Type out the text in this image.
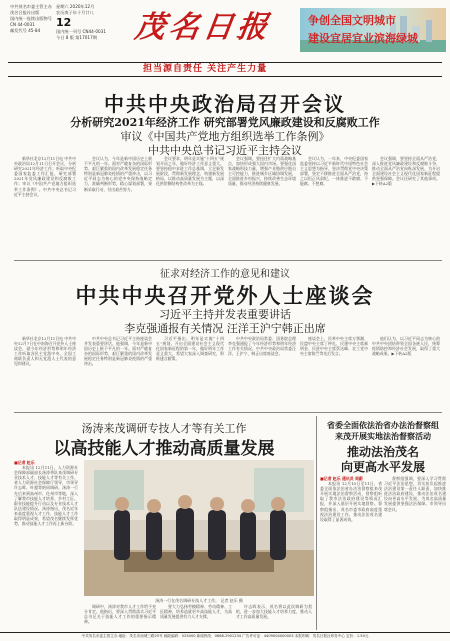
中共茂名市委主管主办
茂名日报社出版
国内统一连续出版物号
CN 44-0031
邮发代号 45-84
星期六 2020年12月
农历庚子年十月廿八
12
国内统一刊号 CN44-0031
今日 8 版 第17017期	茂名日报	争创全国文明城市
建设宜居宜业滨海绿城
担当源自责任 关注产生力量
中共中央政治局召开会议
分析研究2021年经济工作 研究部署党风廉政建设和反腐败工作
审议《中国共产党地方组织选举工作条例》
中共中央总书记习近平主持会议
新华社北京12月11日电 中共中央政治局12月11日召开会议，分析研究2021年经济工作；听取中央纪委国家监委工作汇报，研究部署2021年党风廉政建设和反腐败工作；审议《中国共产党地方组织选举工作条例》。中共中央总书记习近平主持会议。
会议认为，今年是新中国历史上极不平凡的一年。面对严峻复杂的国际形势、艰巨繁重的国内改革发展稳定任务特别是新冠肺炎疫情的严重冲击，以习近平同志为核心的党中央保持战略定力，准确判断形势，精心谋划部署，果断采取行动，付出艰苦努力。
会议要求，明年是实施“十四五”规划开局之年，做好经济工作意义重大。要坚持稳中求进工作总基调，立足新发展阶段，贯彻新发展理念，构建新发展格局，以推动高质量发展为主题，以深化供给侧结构性改革为主线。
会议强调，要扭住扩大内需战略基点，加快形成强大国内市场。要强化国家战略科技力量，增强产业链供应链自主可控能力，推进城乡区域协调发展，全面推进乡村振兴，持续改善生态环境质量，推动经济持续健康发展。
会议认为，一年来，中央纪委国家监委坚持以习近平新时代中国特色社会主义思想为指导，坚决贯彻党中央决策部署，坚定不移推进全面从严治党，持之以恒正风肃纪，一体推进不敢腐、不能腐、不想腐。
会议强调，要坚持全面从严治党，深入推进党风廉政建设和反腐败斗争，推动全面从严治党向纵深发展，为开启全面建设社会主义现代化国家新征程提供坚强保障。会议还研究了其他事项。▶下转A2版
征求对经济工作的意见和建议
中共中央召开党外人士座谈会
习近平主持并发表重要讲话
李克强通报有关情况 汪洋王沪宁韩正出席
新华社北京12月11日电 中共中央12月7日在中南海召开党外人士座谈会，就今年经济形势和明年经济工作听取各民主党派中央、全国工商联负责人和无党派人士代表的意见和建议。
中共中央总书记习近平主持座谈会并发表重要讲话。他强调，今年是新中国历史上极不平凡的一年。面对严峻复杂的国际形势、艰巨繁重的国内改革发展稳定任务特别是新冠肺炎疫情的严重冲击。
习近平指出，明年是实施“十四五”规划、开启全面建设社会主义现代化国家新征程的第一年，做好明年工作意义重大，希望大家深入调查研究，积极建言献策。
中共中央政治局常委、国务院总理李克强通报了今年经济形势和明年经济工作有关情况。中共中央政治局常委汪洋、王沪宁、韩正出席座谈会。
座谈会上，民革中央主席万鄂湘、民盟中央主席丁仲礼、民建中央主席郝明金、民进中央主席蔡达峰、农工党中央主席陈竺等先后发言。
他们认为，以习近平同志为核心的中共中央团结带领全国各族人民，统筹疫情防控和经济社会发展，取得了重大战略成果。▶下转A2版
汤涛来茂调研专技人才等有关工作
以高技能人才推动高质量发展
■记者 赵乐
本报讯 12月11日，人力资源社会保障部副部长汤涛带队来茂调研专业技术人才、技能人才等有关工作。省人力资源社会保障厅领导，市领导许志晖、叶超等陪同调研。汤涛一行先后来到高州市、化州市等地，深入了解我市技能人才培养、乡村工匠、职业技能提升行动以及专业技术人才队伍建设情况。汤涛指出，茂名近年来高度重视人才工作，技能人才工作取得明显成效，希望茂名继续发挥优势，推动技能人才工作再上新台阶。
汤涛一行在茂名调研专技人才工作。 记者 赵乐 摄
调研中，汤涛对我市人才工作给予充分肯定。他指出，要深入贯彻落实习近平总书记关于技能人才工作的重要指示精神。
要大力弘扬劳模精神、劳动精神、工匠精神，培养造就更多高技能人才，为高质量发展提供有力人才支撑。
许志晖表示，茂名将以此次调研为契机，进一步加大技能人才培养力度，推动人才工作高质量发展。
省委全面依法治省办法治督察组
来茂开展实地法治督察活动
推动法治茂名
向更高水平发展
■记者 赵乐 通讯员 周蔚
本报讯 12月10日至11日，省委全面依法治省办法治督察组来茂开展实地法治督察活动，督察组听取了我市法治政府建设等情况汇报，并深入基层开展实地督察。督察组指出，茂名市委市政府高度重视法治建设工作，推动法治茂名建设取得了显著成效。
督察组强调，要深入学习贯彻习近平法治思想，切实担负起推进法治建设第一责任人职责，加快推进法治政府建设，推动法治茂名建设向更高水平发展，为茂名高质量发展提供坚强法治保障。市领导出席会议。
中共茂名市委主管主办 地址：茂名市油城三路25号 邮政编码：525000 新闻热线：0668-2901234 广告许可证：4409004000003 本报印刷：茂名日报社印务中心 定价：1.50元
